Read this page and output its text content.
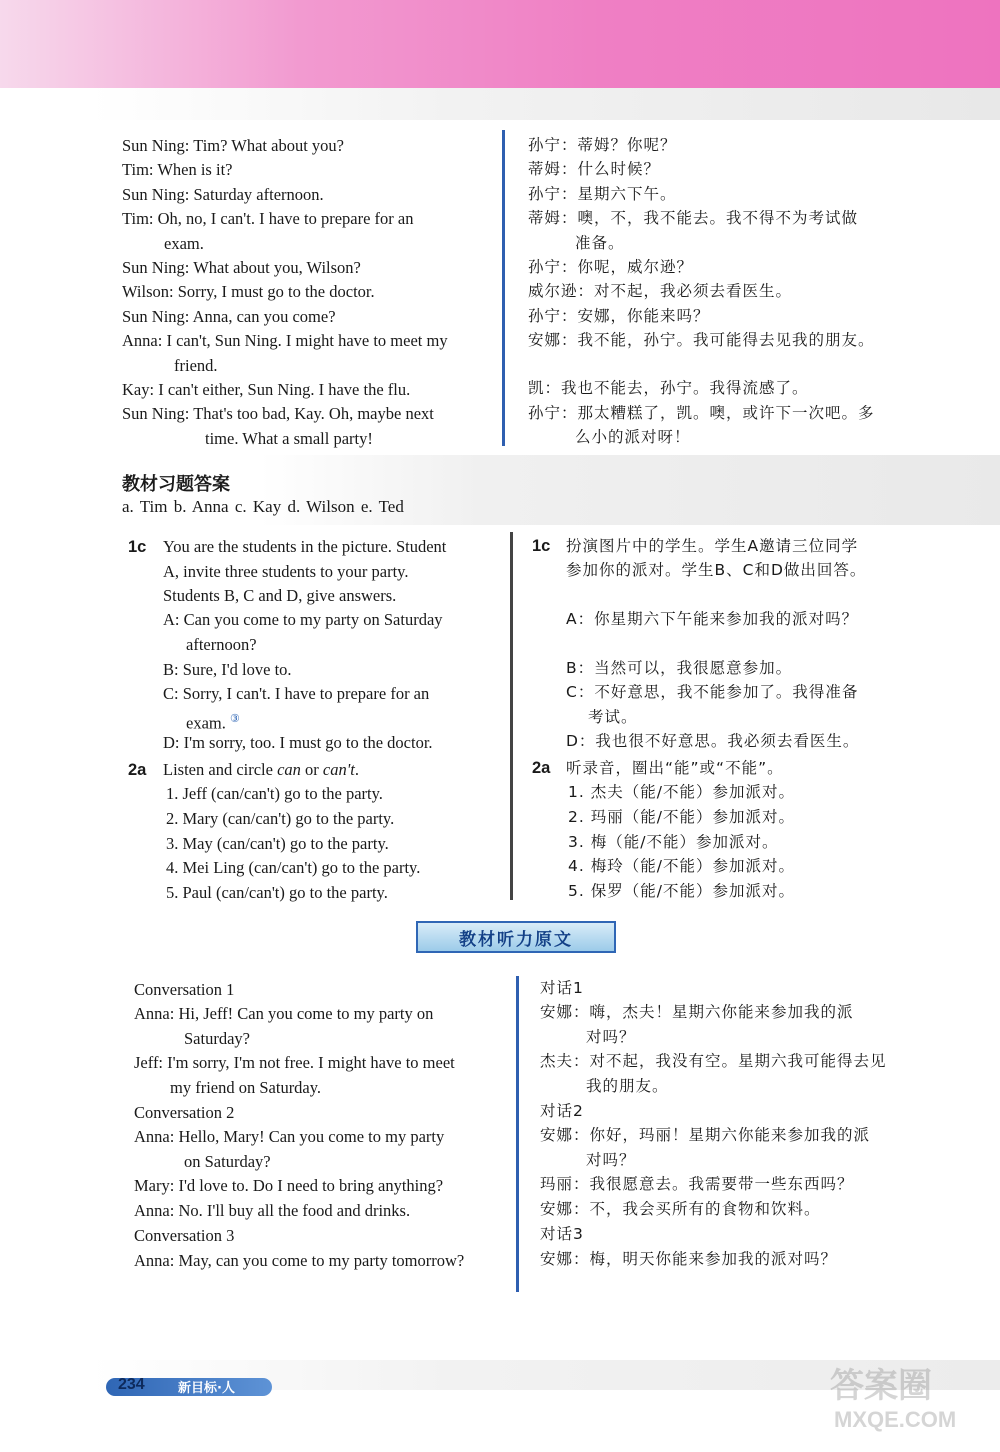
Sun Ning: Tim? What about you?
Tim: When is it?
Sun Ning: Saturday afternoon.
Tim: Oh, no, I can't. I have to prepare for an
exam.
Sun Ning: What about you, Wilson?
Wilson: Sorry, I must go to the doctor.
Sun Ning: Anna, can you come?
Anna: I can't, Sun Ning. I might have to meet my
friend.
Kay: I can't either, Sun Ning. I have the flu.
Sun Ning: That's too bad, Kay. Oh, maybe next
time. What a small party!
孙宁：蒂姆？你呢？
蒂姆：什么时候？
孙宁：星期六下午。
蒂姆：噢，不，我不能去。我不得不为考试做
准备。
孙宁：你呢，威尔逊？
威尔逊：对不起，我必须去看医生。
孙宁：安娜，你能来吗？
安娜：我不能，孙宁。我可能得去见我的朋友。
凯：我也不能去，孙宁。我得流感了。
孙宁：那太糟糕了，凯。噢，或许下一次吧。多
么小的派对呀！
教材习题答案
a. Tim b. Anna c. Kay d. Wilson e. Ted
1c You are the students in the picture. Student
A, invite three students to your party.
Students B, C and D, give answers.
A: Can you come to my party on Saturday
afternoon?
B: Sure, I'd love to.
C: Sorry, I can't. I have to prepare for an
exam. ③
D: I'm sorry, too. I must go to the doctor.
2a Listen and circle can or can't.
1. Jeff (can/can't) go to the party.
2. Mary (can/can't) go to the party.
3. May (can/can't) go to the party.
4. Mei Ling (can/can't) go to the party.
5. Paul (can/can't) go to the party.
1c 扮演图片中的学生。学生A邀请三位同学
参加你的派对。学生B、C和D做出回答。
A：你星期六下午能来参加我的派对吗？
B：当然可以，我很愿意参加。
C：不好意思，我不能参加了。我得准备
考试。
D：我也很不好意思。我必须去看医生。
2a 听录音，圈出“能”或“不能”。
1. 杰夫（能/不能）参加派对。
2. 玛丽（能/不能）参加派对。
3. 梅（能/不能）参加派对。
4. 梅玲（能/不能）参加派对。
5. 保罗（能/不能）参加派对。
教材听力原文
Conversation 1
Anna: Hi, Jeff! Can you come to my party on
Saturday?
Jeff: I'm sorry, I'm not free. I might have to meet
my friend on Saturday.
Conversation 2
Anna: Hello, Mary! Can you come to my party
on Saturday?
Mary: I'd love to. Do I need to bring anything?
Anna: No. I'll buy all the food and drinks.
Conversation 3
Anna: May, can you come to my party tomorrow?
对话1
安娜：嗨，杰夫！星期六你能来参加我的派
对吗？
杰夫：对不起，我没有空。星期六我可能得去见
我的朋友。
对话2
安娜：你好，玛丽！星期六你能来参加我的派
对吗？
玛丽：我很愿意去。我需要带一些东西吗？
安娜：不，我会买所有的食物和饮料。
对话3
安娜：梅，明天你能来参加我的派对吗？
234	新目标·人	答案圈
MXQE.COM
